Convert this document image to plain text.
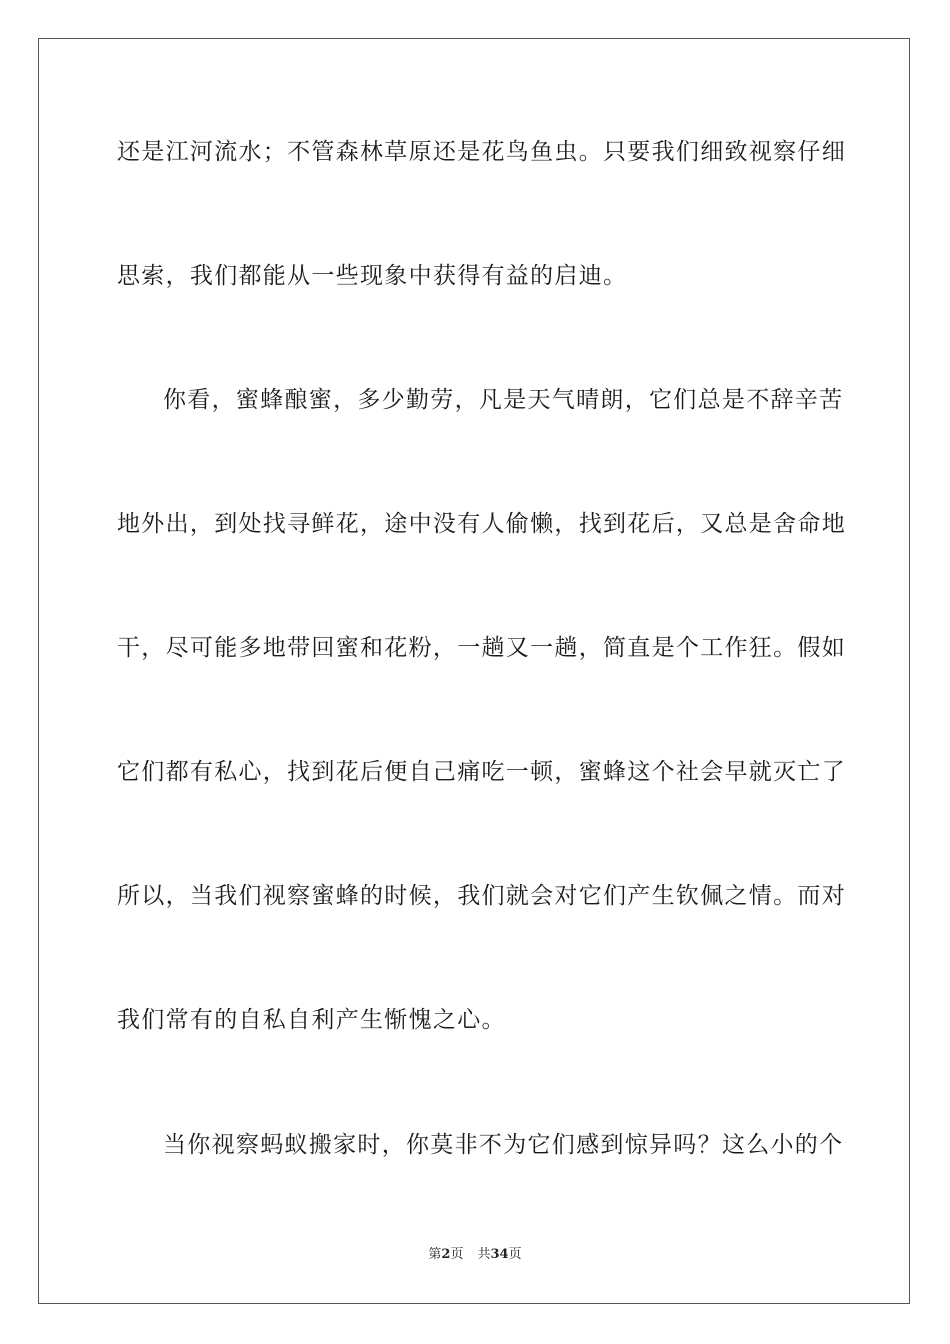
还是江河流水；不管森林草原还是花鸟鱼虫。只要我们细致视察仔细
思索，我们都能从一些现象中获得有益的启迪。
你看，蜜蜂酿蜜，多少勤劳，凡是天气晴朗，它们总是不辞辛苦
地外出，到处找寻鲜花，途中没有人偷懒，找到花后，又总是舍命地
干，尽可能多地带回蜜和花粉，一趟又一趟，简直是个工作狂。假如
它们都有私心，找到花后便自己痛吃一顿，蜜蜂这个社会早就灭亡了
所以，当我们视察蜜蜂的时候，我们就会对它们产生钦佩之情。而对
我们常有的自私自利产生惭愧之心。
当你视察蚂蚁搬家时，你莫非不为它们感到惊异吗？这么小的个
第2页 共34页
